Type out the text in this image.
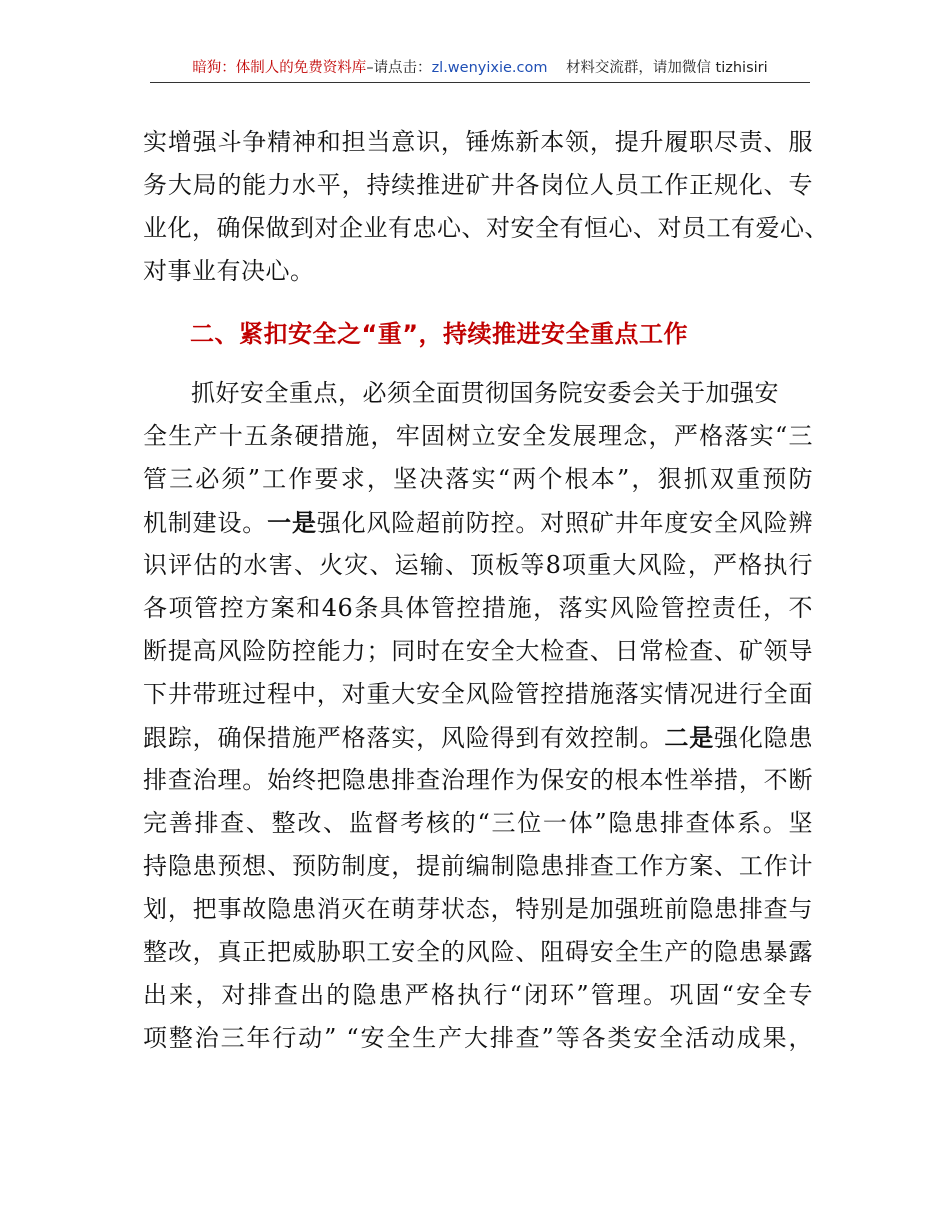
暗狗：体制人的免费资料库–请点击：zl.wenyixie.com 材料交流群，请加微信 tizhisiri
实增强斗争精神和担当意识，锤炼新本领，提升履职尽责、服
务大局的能力水平，持续推进矿井各岗位人员工作正规化、专
业化，确保做到对企业有忠心、对安全有恒心、对员工有爱心、
对事业有决心。
二、紧扣安全之“重”，持续推进安全重点工作
抓好安全重点，必须全面贯彻国务院安委会关于加强安
全生产十五条硬措施，牢固树立安全发展理念，严格落实“三
管三必须”工作要求，坚决落实“两个根本”，狠抓双重预防
机制建设。一是强化风险超前防控。对照矿井年度安全风险辨
识评估的水害、火灾、运输、顶板等8项重大风险，严格执行
各项管控方案和46条具体管控措施，落实风险管控责任，不
断提高风险防控能力；同时在安全大检查、日常检查、矿领导
下井带班过程中，对重大安全风险管控措施落实情况进行全面
跟踪，确保措施严格落实，风险得到有效控制。二是强化隐患
排查治理。始终把隐患排查治理作为保安的根本性举措，不断
完善排查、整改、监督考核的“三位一体”隐患排查体系。坚
持隐患预想、预防制度，提前编制隐患排查工作方案、工作计
划，把事故隐患消灭在萌芽状态，特别是加强班前隐患排查与
整改，真正把威胁职工安全的风险、阻碍安全生产的隐患暴露
出来，对排查出的隐患严格执行“闭环”管理。巩固“安全专
项整治三年行动” “安全生产大排查”等各类安全活动成果，
